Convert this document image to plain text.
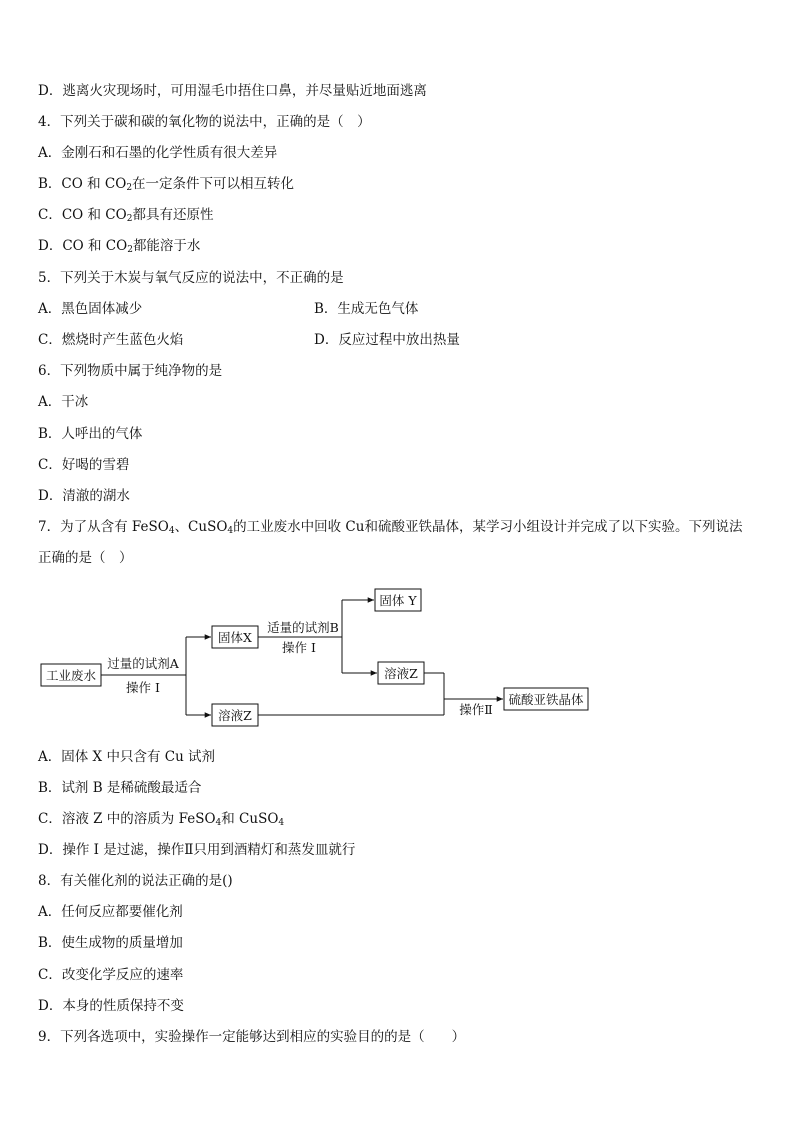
D．逃离火灾现场时，可用湿毛巾捂住口鼻，并尽量贴近地面逃离
4．下列关于碳和碳的氧化物的说法中，正确的是（　）
A．金刚石和石墨的化学性质有很大差异
B．CO 和 $CO_2$在一定条件下可以相互转化
C．CO 和 $CO_2$都具有还原性
D．CO 和 $CO_2$都能溶于水
5．下列关于木炭与氧气反应的说法中，不正确的是
A．黑色固体减少	B．生成无色气体
C．燃烧时产生蓝色火焰	D．反应过程中放出热量
6．下列物质中属于纯净物的是
A．干冰
B．人呼出的气体
C．好喝的雪碧
D．清澈的湖水
7．为了从含有 FeSO$_4$、CuSO$_4$的工业废水中回收 Cu和硫酸亚铁晶体，某学习小组设计并完成了以下实验。下列说法
正确的是（　）
工业废水
过量的试剂A
操作 I
固体X
适量的试剂B
操作 I
固体 Y
溶液Z
溶液Z	操作Ⅱ
硫酸亚铁晶体
A．固体 X 中只含有 Cu 试剂
B．试剂 B 是稀硫酸最适合
C．溶液 Z 中的溶质为 FeSO$_4$和 CuSO$_4$
D．操作 I 是过滤，操作Ⅱ只用到酒精灯和蒸发皿就行
8．有关催化剂的说法正确的是()
A．任何反应都要催化剂
B．使生成物的质量增加
C．改变化学反应的速率
D．本身的性质保持不变
9．下列各选项中，实验操作一定能够达到相应的实验目的的是（　　）
